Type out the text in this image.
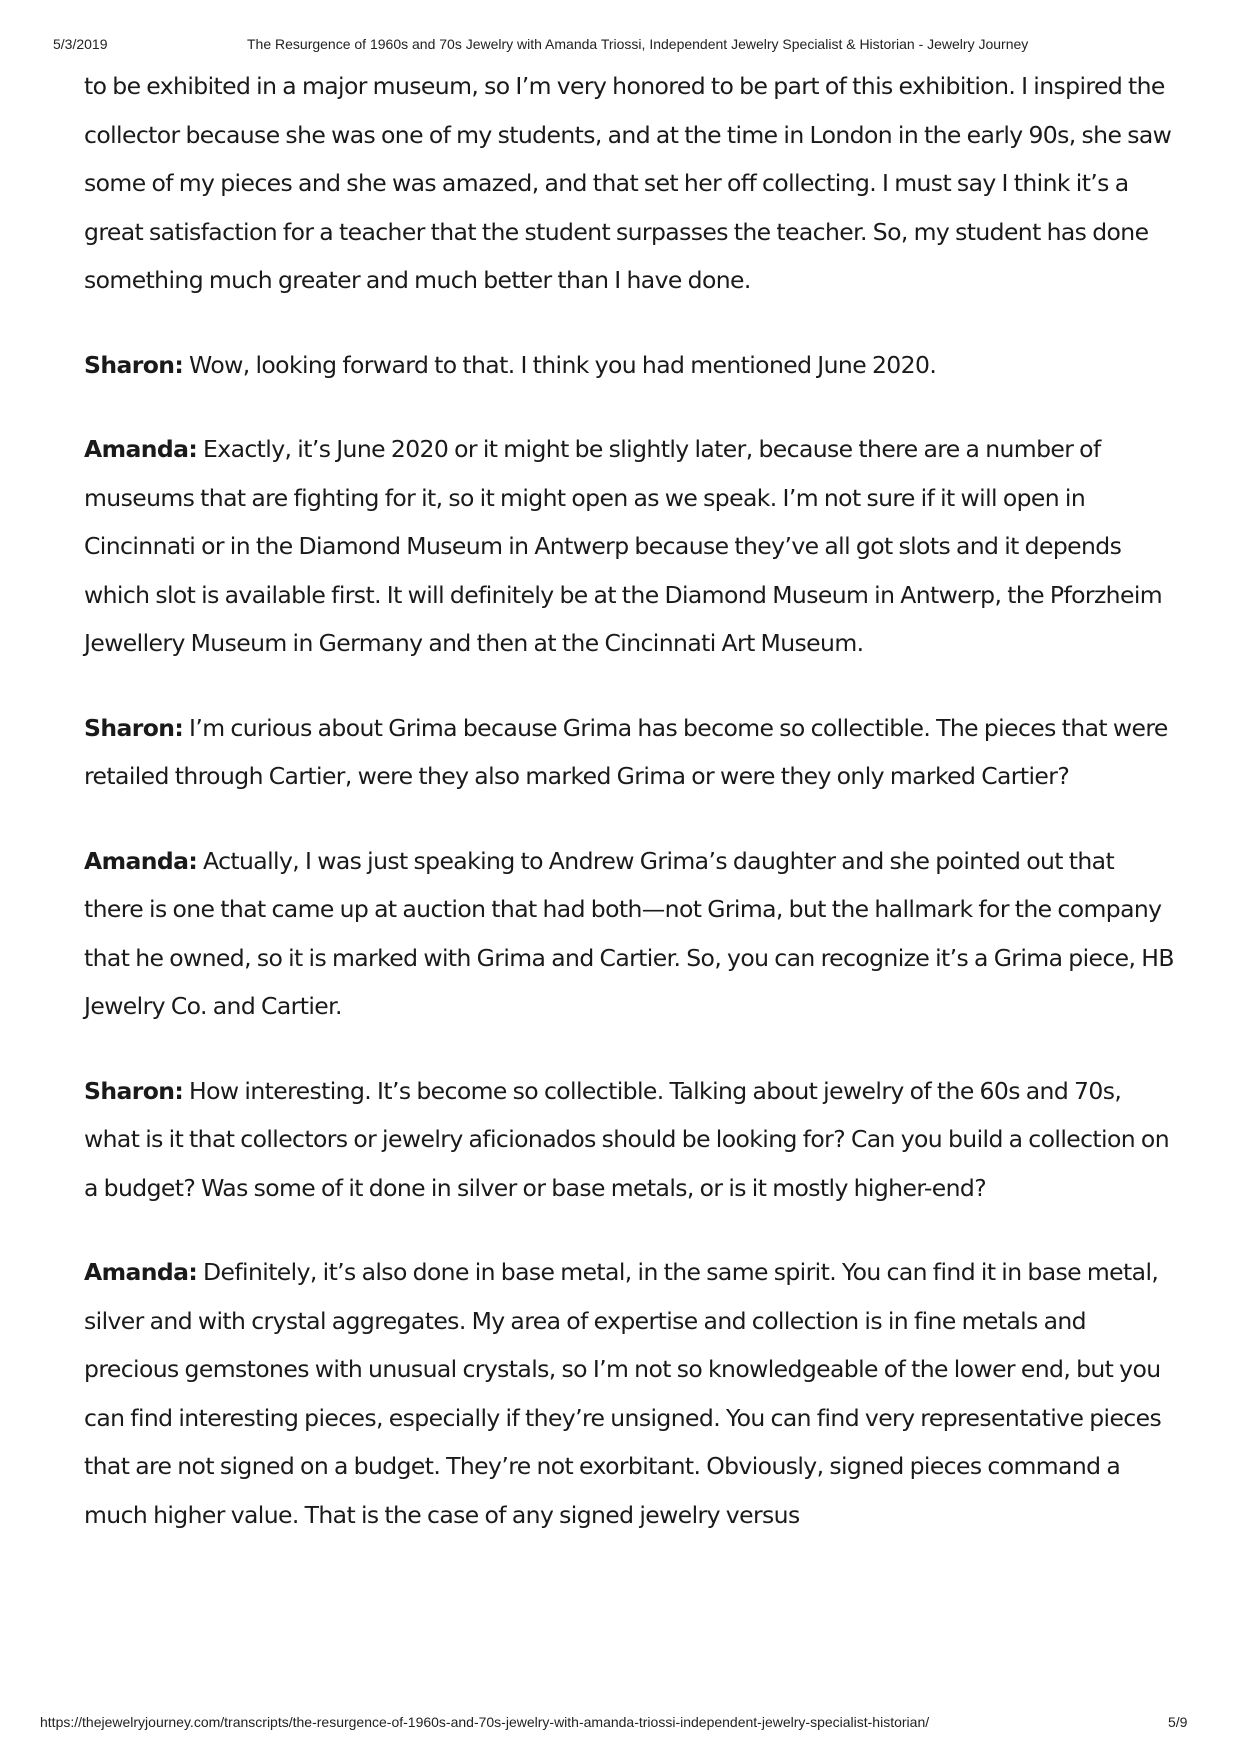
5/3/2019	The Resurgence of 1960s and 70s Jewelry with Amanda Triossi, Independent Jewelry Specialist & Historian - Jewelry Journey

to be exhibited in a major museum, so I’m very honored to be part of this exhibition. I inspired the collector because she was one of my students, and at the time in London in the early 90s, she saw some of my pieces and she was amazed, and that set her off collecting. I must say I think it’s a great satisfaction for a teacher that the student surpasses the teacher. So, my student has done something much greater and much better than I have done.

Sharon: Wow, looking forward to that. I think you had mentioned June 2020.

Amanda: Exactly, it’s June 2020 or it might be slightly later, because there are a number of museums that are fighting for it, so it might open as we speak. I’m not sure if it will open in Cincinnati or in the Diamond Museum in Antwerp because they’ve all got slots and it depends which slot is available first. It will definitely be at the Diamond Museum in Antwerp, the Pforzheim Jewellery Museum in Germany and then at the Cincinnati Art Museum.

Sharon: I’m curious about Grima because Grima has become so collectible. The pieces that were retailed through Cartier, were they also marked Grima or were they only marked Cartier?

Amanda: Actually, I was just speaking to Andrew Grima’s daughter and she pointed out that there is one that came up at auction that had both—not Grima, but the hallmark for the company that he owned, so it is marked with Grima and Cartier. So, you can recognize it’s a Grima piece, HB Jewelry Co. and Cartier.

Sharon: How interesting. It’s become so collectible. Talking about jewelry of the 60s and 70s, what is it that collectors or jewelry aficionados should be looking for? Can you build a collection on a budget? Was some of it done in silver or base metals, or is it mostly higher-end?

Amanda: Definitely, it’s also done in base metal, in the same spirit. You can find it in base metal, silver and with crystal aggregates. My area of expertise and collection is in fine metals and precious gemstones with unusual crystals, so I’m not so knowledgeable of the lower end, but you can find interesting pieces, especially if they’re unsigned. You can find very representative pieces that are not signed on a budget. They’re not exorbitant. Obviously, signed pieces command a much higher value. That is the case of any signed jewelry versus

https://thejewelryjourney.com/transcripts/the-resurgence-of-1960s-and-70s-jewelry-with-amanda-triossi-independent-jewelry-specialist-historian/	5/9
